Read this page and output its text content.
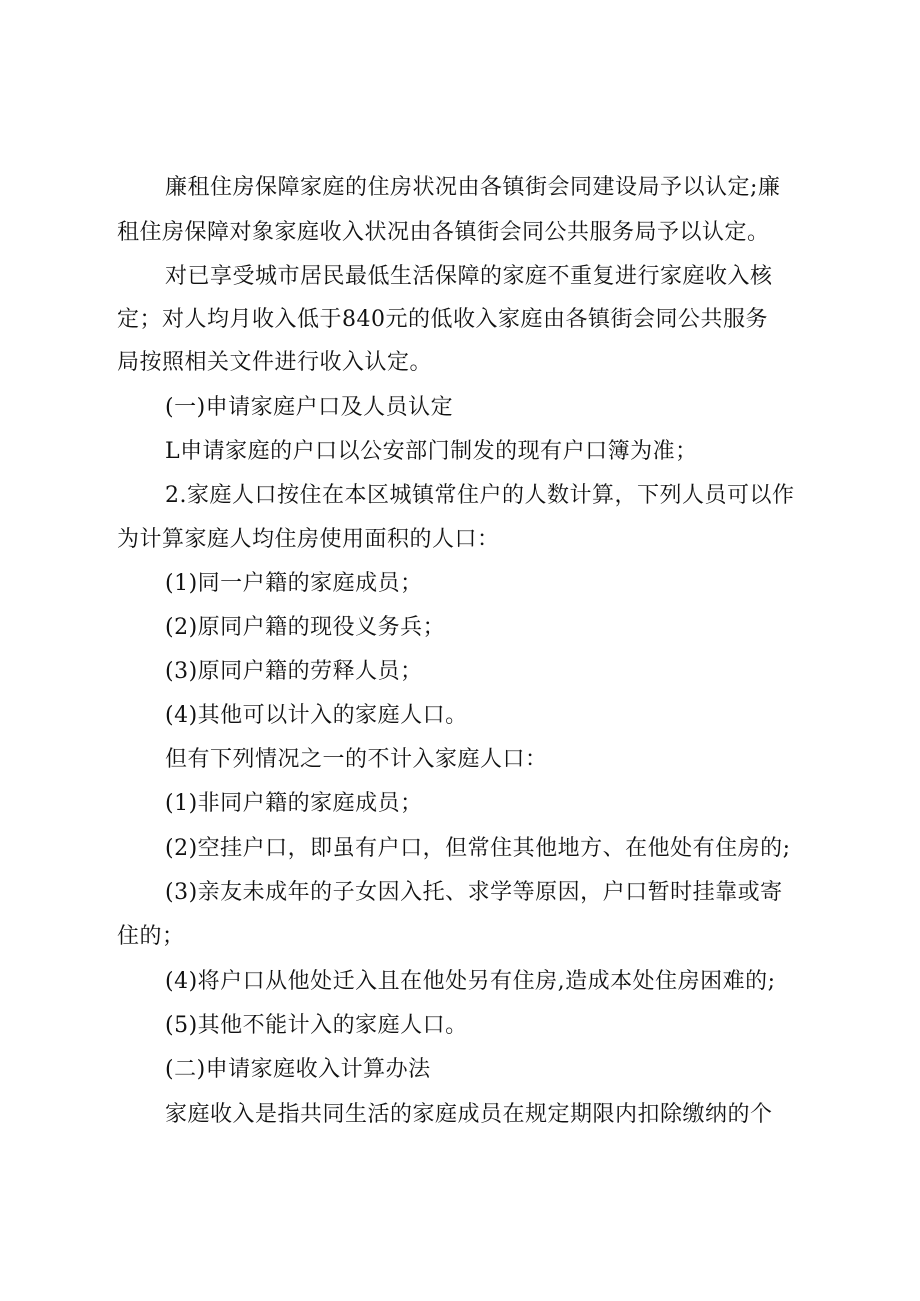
廉租住房保障家庭的住房状况由各镇街会同建设局予以认定;廉
租住房保障对象家庭收入状况由各镇街会同公共服务局予以认定。
对已享受城市居民最低生活保障的家庭不重复进行家庭收入核
定；对人均月收入低于840元的低收入家庭由各镇街会同公共服务
局按照相关文件进行收入认定。
(一)申请家庭户口及人员认定
L申请家庭的户口以公安部门制发的现有户口簿为准；
2.家庭人口按住在本区城镇常住户的人数计算，下列人员可以作
为计算家庭人均住房使用面积的人口：
(1)同一户籍的家庭成员；
(2)原同户籍的现役义务兵；
(3)原同户籍的劳释人员；
(4)其他可以计入的家庭人口。
但有下列情况之一的不计入家庭人口：
(1)非同户籍的家庭成员；
(2)空挂户口，即虽有户口，但常住其他地方、在他处有住房的;
(3)亲友未成年的子女因入托、求学等原因，户口暂时挂靠或寄
住的；
(4)将户口从他处迁入且在他处另有住房,造成本处住房困难的;
(5)其他不能计入的家庭人口。
(二)申请家庭收入计算办法
家庭收入是指共同生活的家庭成员在规定期限内扣除缴纳的个
